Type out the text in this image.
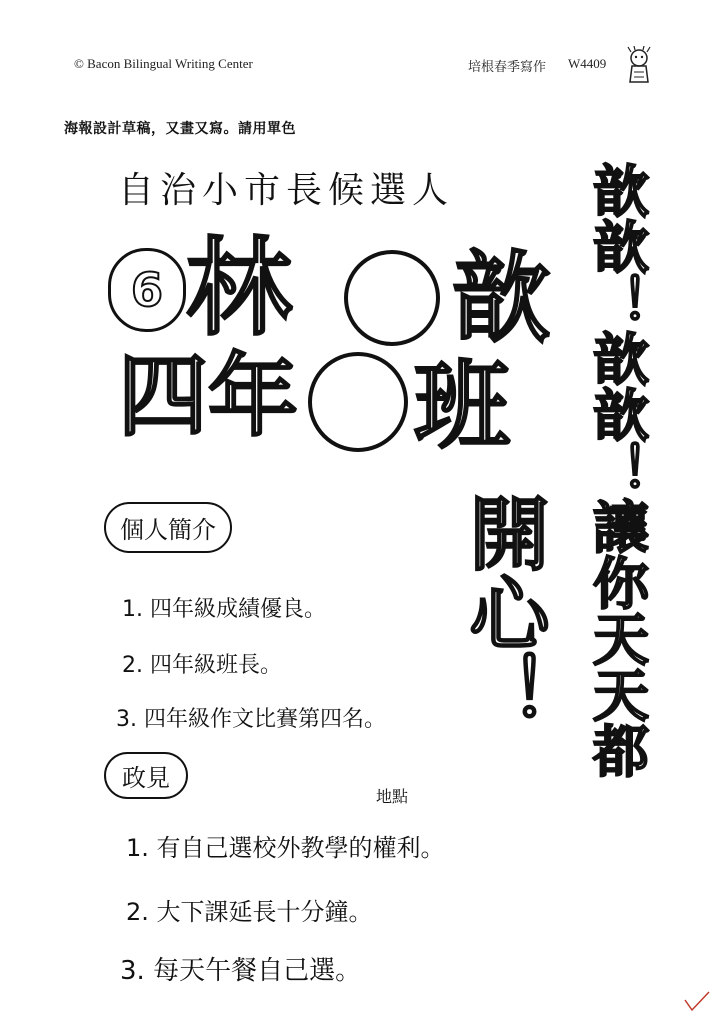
© Bacon Bilingual Writing Center	培根春季寫作 W4409
海報設計草稿，又畫又寫。請用單色
自治小市長候選人
6 林 歆
四年 班
開心！ 歆歆！歆歆！讓你天天都
個人簡介
1. 四年級成績優良。
2. 四年級班長。
3. 四年級作文比賽第四名。
政見
地點
1. 有自己選校外教學的權利。
2. 大下課延長十分鐘。
3. 每天午餐自己選。
